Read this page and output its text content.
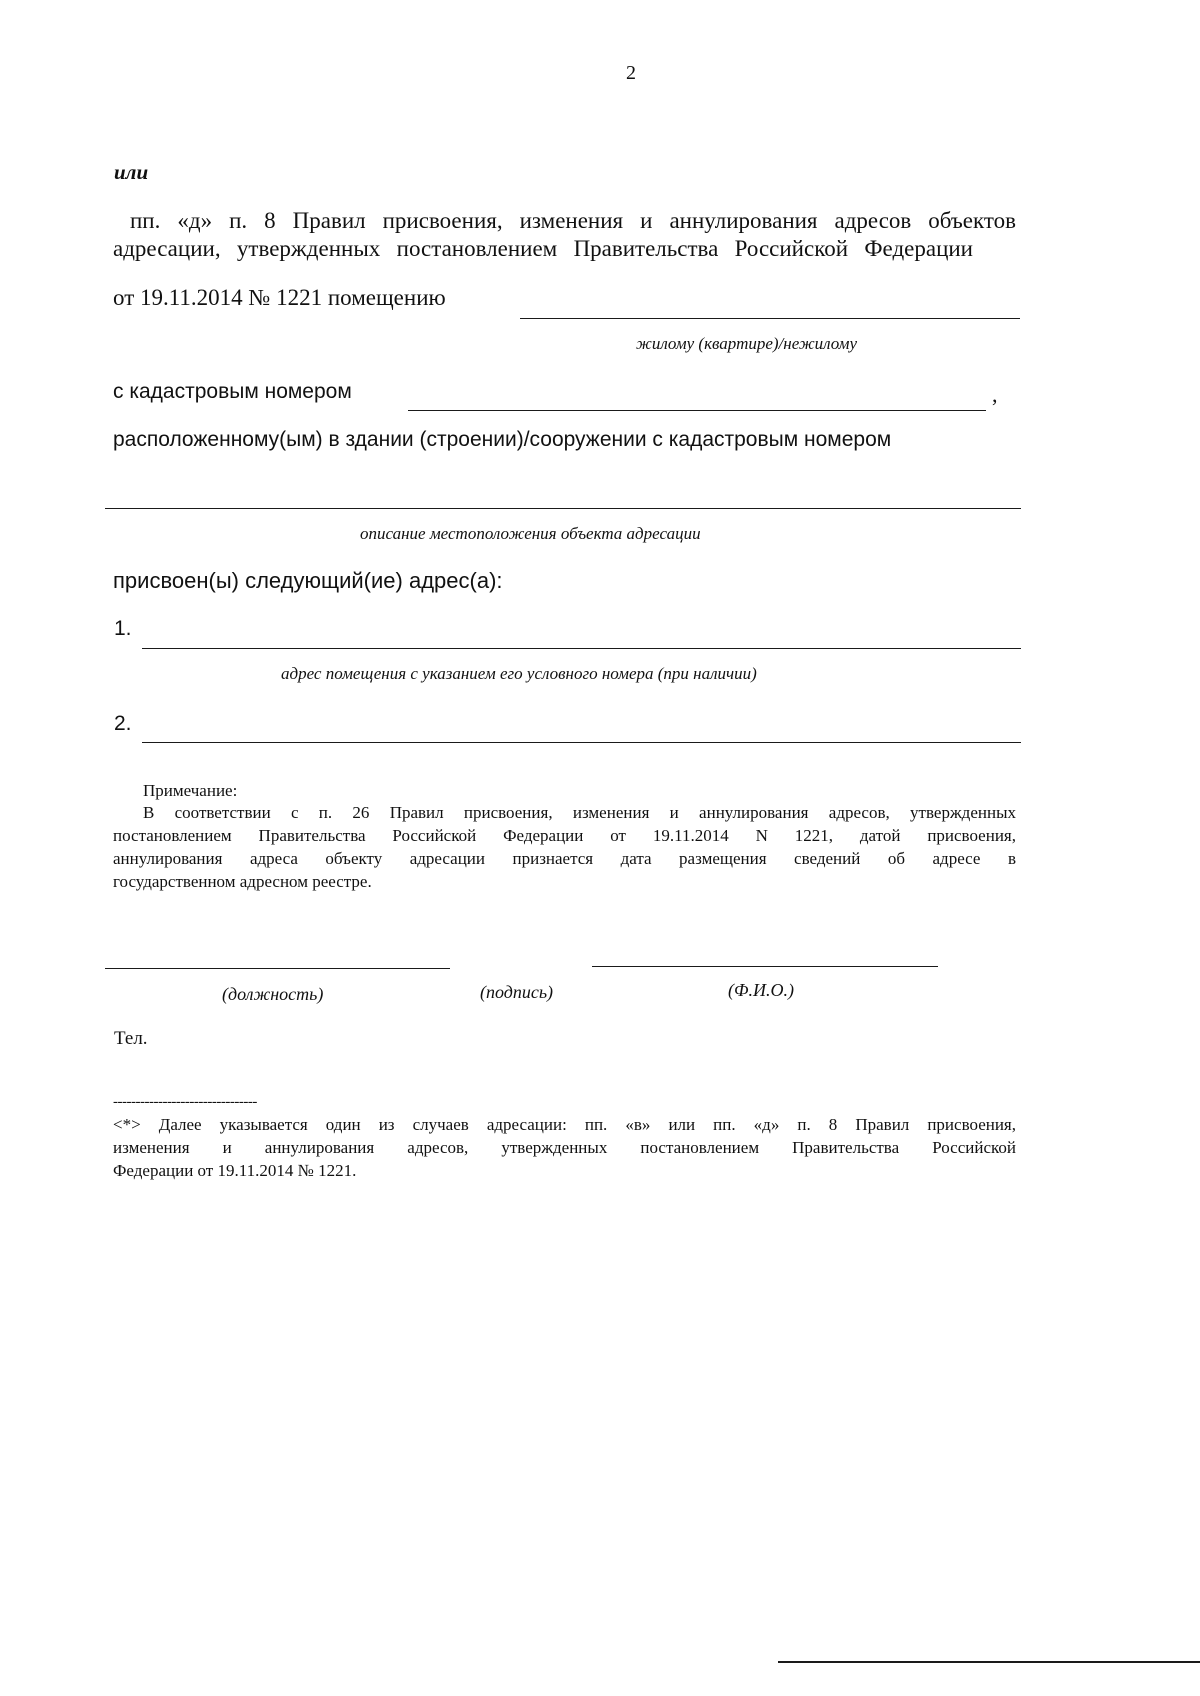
2
или
пп. «д» п. 8 Правил присвоения, изменения и аннулирования адресов объектов
адресации, утвержденных постановлением Правительства Российской Федерации
от 19.11.2014 № 1221 помещению
жилому (квартире)/нежилому
с кадастровым номером	,
расположенному(ым) в здании (строении)/сооружении с кадастровым номером
описание местоположения объекта адресации
присвоен(ы) следующий(ие) адрес(а):
1.
адрес помещения с указанием его условного номера (при наличии)
2.
Примечание:
В соответствии с п. 26 Правил присвоения, изменения и аннулирования адресов, утвержденных
постановлением Правительства Российской Федерации от 19.11.2014 N 1221, датой присвоения,
аннулирования адреса объекту адресации признается дата размещения сведений об адресе в
государственном адресном реестре.
(должность)	(подпись)	(Ф.И.О.)
Тел.
--------------------------------
<*> Далее указывается один из случаев адресации: пп. «в» или пп. «д» п. 8 Правил присвоения,
изменения и аннулирования адресов, утвержденных постановлением Правительства Российской
Федерации от 19.11.2014 № 1221.
